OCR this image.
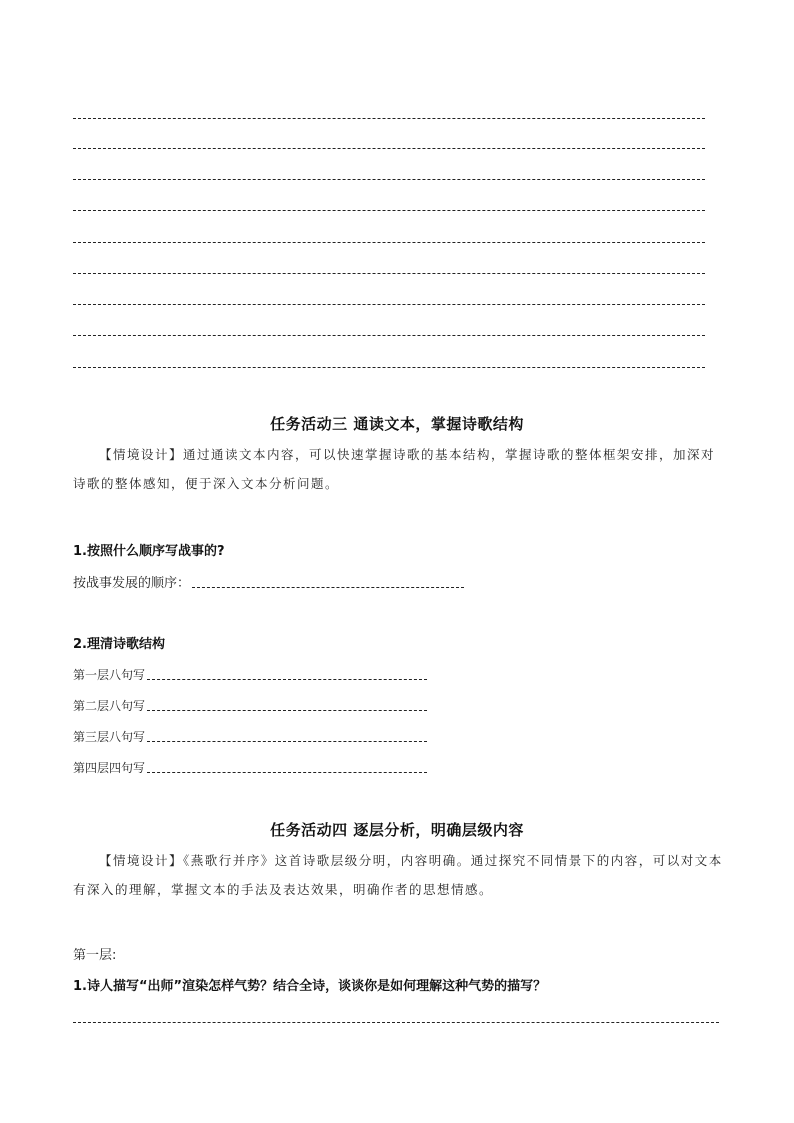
任务活动三 通读文本，掌握诗歌结构
【情境设计】通过通读文本内容，可以快速掌握诗歌的基本结构，掌握诗歌的整体框架安排，加深对诗歌的整体感知，便于深入文本分析问题。
1.按照什么顺序写战事的?
按战事发展的顺序：
2.理清诗歌结构
第一层八句写
第二层八句写
第三层八句写
第四层四句写
任务活动四 逐层分析，明确层级内容
【情境设计】《燕歌行并序》这首诗歌层级分明，内容明确。通过探究不同情景下的内容，可以对文本有深入的理解，掌握文本的手法及表达效果，明确作者的思想情感。
第一层:
1.诗人描写“出师”渲染怎样气势？结合全诗，谈谈你是如何理解这种气势的描写？
